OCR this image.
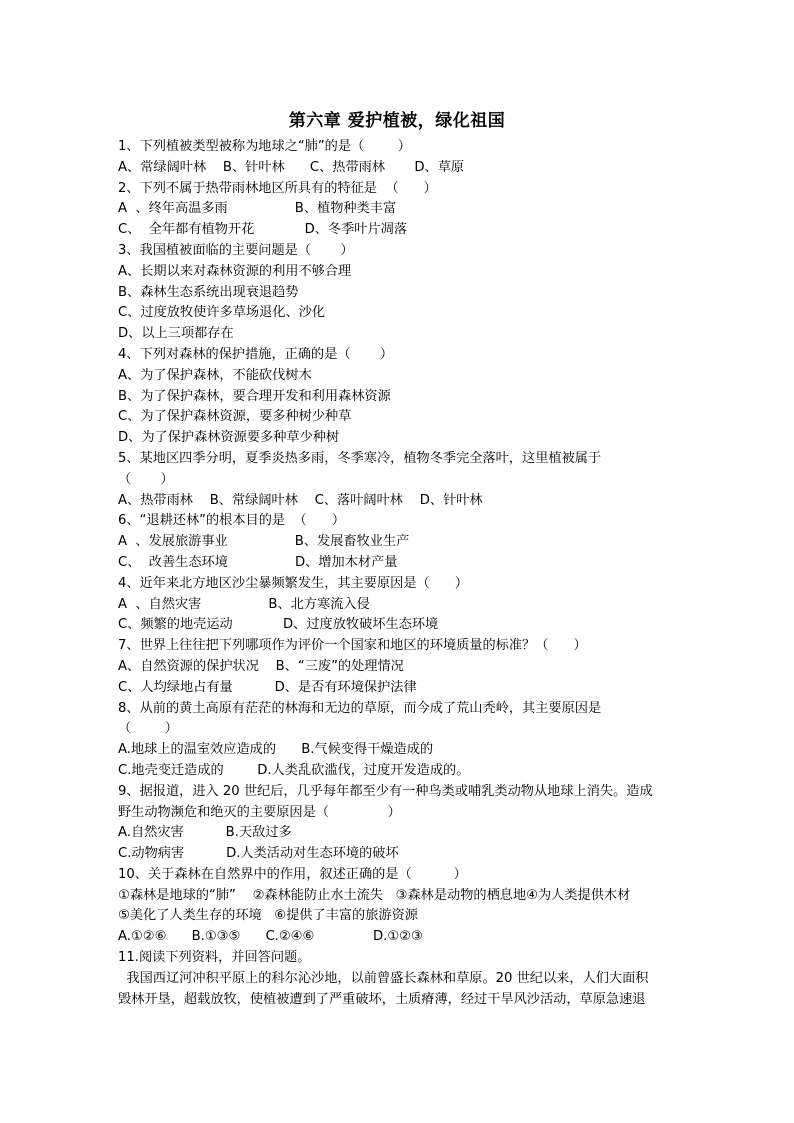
第六章 爱护植被，绿化祖国
1、下列植被类型被称为地球之“肺”的是（        ）
A、常绿阔叶林    B、针叶林      C、热带雨林       D、草原
2、下列不属于热带雨林地区所具有的特征是  （      ）
A  、终年高温多雨                B、植物种类丰富
C、  全年都有植物开花            D、冬季叶片凋落
3、我国植被面临的主要问题是（       ）
A、长期以来对森林资源的利用不够合理
B、森林生态系统出现衰退趋势
C、过度放牧使许多草场退化、沙化
D、以上三项都存在
4、下列对森林的保护措施，正确的是（       ）
A、为了保护森林，不能砍伐树木
B、为了保护森林，要合理开发和利用森林资源
C、为了保护森林资源，要多种树少种草
D、为了保护森林资源要多种草少种树
5、某地区四季分明，夏季炎热多雨，冬季寒冷，植物冬季完全落叶，这里植被属于
（       ）
A、热带雨林    B、常绿阔叶林    C、落叶阔叶林    D、针叶林
6、“退耕还林”的根本目的是  （      ）
A  、发展旅游事业                B、发展畜牧业生产
C、  改善生态环境                D、增加木材产量
4、近年来北方地区沙尘暴频繁发生，其主要原因是（      ）
A  、自然灾害                B、北方寒流入侵
C、频繁的地壳运动            D、过度放牧破坏生态环境
7、世界上往往把下列哪项作为评价一个国家和地区的环境质量的标准？（      ）
A、自然资源的保护状况    B、“三废”的处理情况
C、人均绿地占有量          D、是否有环境保护法律
8、从前的黄土高原有茫茫的林海和无边的草原，而今成了荒山秃岭，其主要原因是
（        ）
A.地球上的温室效应造成的      B.气候变得干燥造成的
C.地壳变迁造成的        D.人类乱砍滥伐，过度开发造成的。
9、据报道，进入 20 世纪后，几乎每年都至少有一种鸟类或哺乳类动物从地球上消失。造成
野生动物濒危和绝灭的主要原因是（              ）
A.自然灾害          B.天敌过多
C.动物病害          D.人类活动对生态环境的破坏
10、关于森林在自然界中的作用，叙述正确的是（          ）
①森林是地球的“肺”    ②森林能防止水土流失   ③森林是动物的栖息地④为人类提供木材
⑤美化了人类生存的环境   ⑥提供了丰富的旅游资源
A.①②⑥      B.①③⑤      C.②④⑥              D.①②③
11.阅读下列资料，并回答问题。
我国西辽河冲积平原上的科尔沁沙地，以前曾盛长森林和草原。20 世纪以来，人们大面积
毁林开垦，超载放牧，使植被遭到了严重破坏，土质瘠薄，经过干旱风沙活动，草原急速退
